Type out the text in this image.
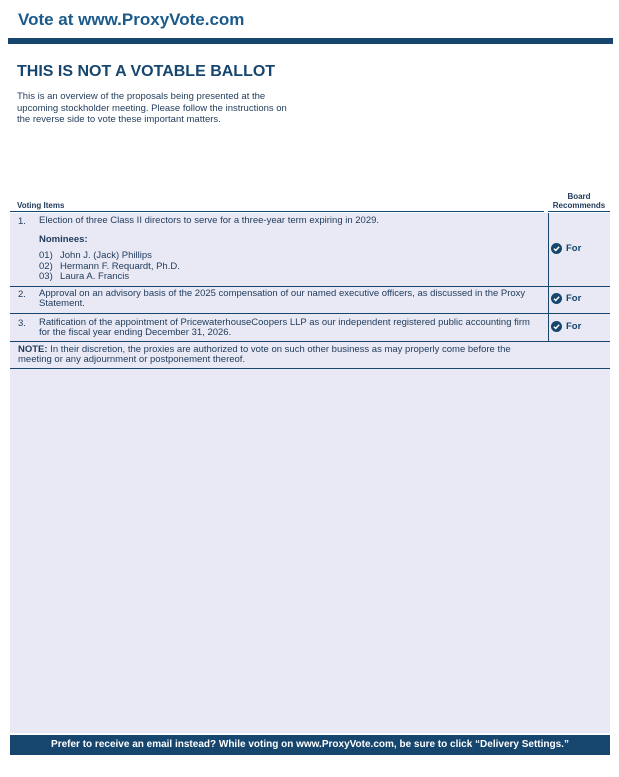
Vote at www.ProxyVote.com
THIS IS NOT A VOTABLE BALLOT
This is an overview of the proposals being presented at the
upcoming stockholder meeting. Please follow the instructions on
the reverse side to vote these important matters.
Voting Items
Board
Recommends
1. Election of three Class II directors to serve for a three-year term expiring in 2029.
Nominees:
01) John J. (Jack) Phillips
02) Hermann F. Requardt, Ph.D.
03) Laura A. Francis
For
2. Approval on an advisory basis of the 2025 compensation of our named executive officers, as discussed in the Proxy
Statement.	For
3. Ratification of the appointment of PricewaterhouseCoopers LLP as our independent registered public accounting firm
for the fiscal year ending December 31, 2026.
For
NOTE: In their discretion, the proxies are authorized to vote on such other business as may properly come before the
meeting or any adjournment or postponement thereof.
Prefer to receive an email instead? While voting on www.ProxyVote.com, be sure to click “Delivery Settings.”
